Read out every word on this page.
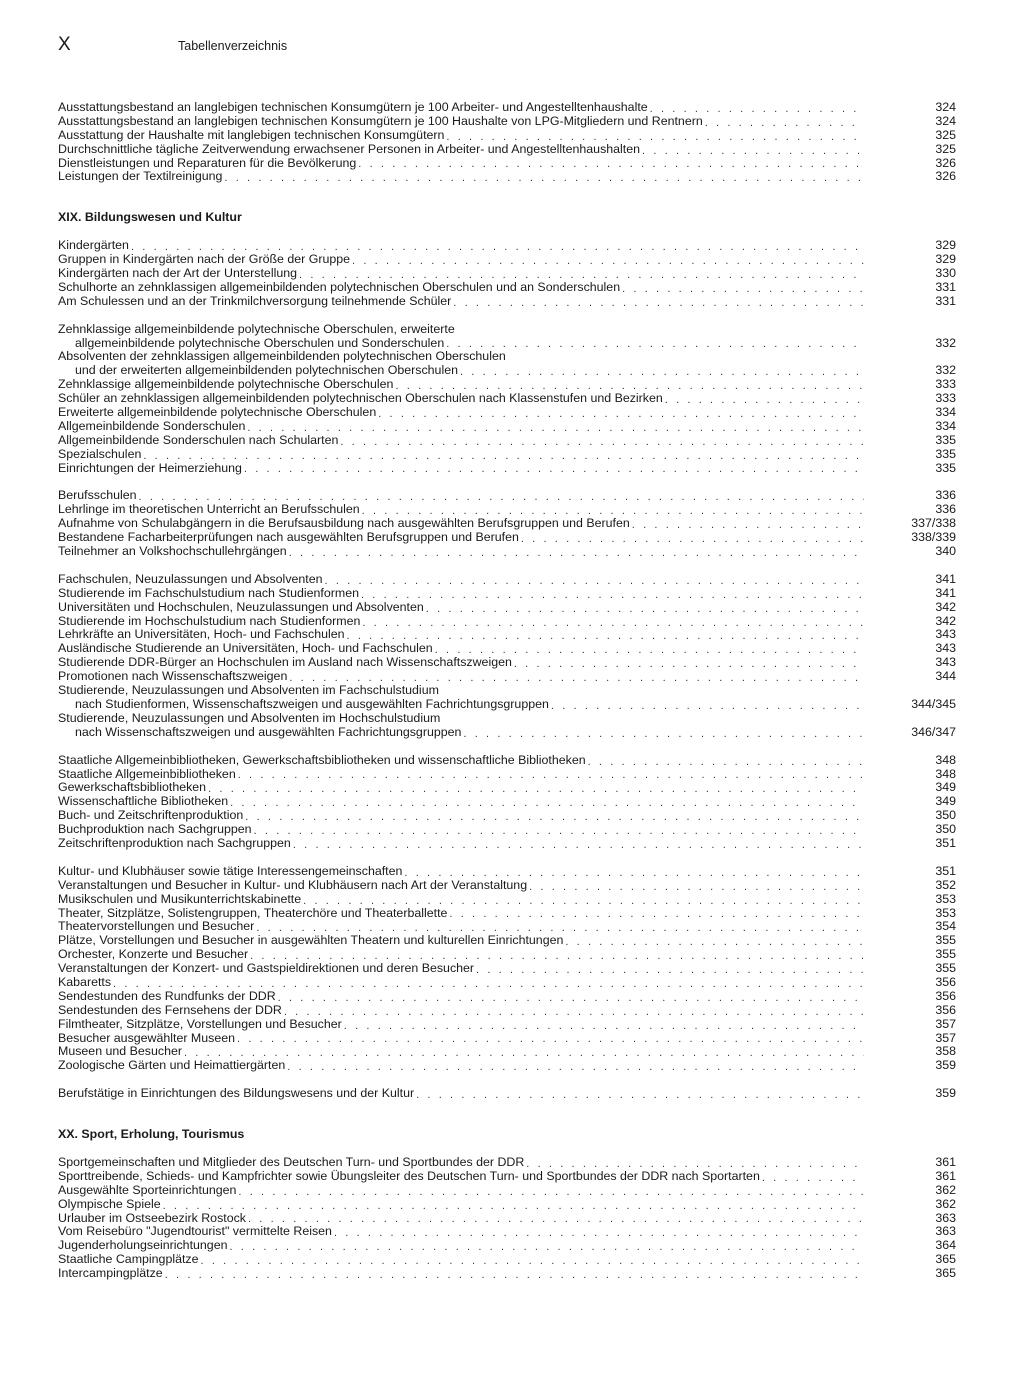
X	Tabellenverzeichnis
Ausstattungsbestand an langlebigen technischen Konsumgütern je 100 Arbeiter- und Angestelltenhaushalte . . .	324
Ausstattungsbestand an langlebigen technischen Konsumgütern je 100 Haushalte von LPG-Mitgliedern und Rentnern . . .	324
Ausstattung der Haushalte mit langlebigen technischen Konsumgütern . . .	325
Durchschnittliche tägliche Zeitverwendung erwachsener Personen in Arbeiter- und Angestelltenhaushalten . . .	325
Dienstleistungen und Reparaturen für die Bevölkerung . . .	326
Leistungen der Textilreinigung . . .	326
XIX. Bildungswesen und Kultur
Kindergärten . . .	329
Gruppen in Kindergärten nach der Größe der Gruppe . . .	329
Kindergärten nach der Art der Unterstellung . . .	330
Schulhorte an zehnklassigen allgemeinbildenden polytechnischen Oberschulen und an Sonderschulen . . .	331
Am Schulessen und an der Trinkmilchversorgung teilnehmende Schüler . . .	331
Zehnklassige allgemeinbildende polytechnische Oberschulen, erweiterte
allgemeinbildende polytechnische Oberschulen und Sonderschulen . . .	332
Absolventen der zehnklassigen allgemeinbildenden polytechnischen Oberschulen
und der erweiterten allgemeinbildenden polytechnischen Oberschulen . . .	332
Zehnklassige allgemeinbildende polytechnische Oberschulen . . .	333
Schüler an zehnklassigen allgemeinbildenden polytechnischen Oberschulen nach Klassenstufen und Bezirken . . .	333
Erweiterte allgemeinbildende polytechnische Oberschulen . . .	334
Allgemeinbildende Sonderschulen . . .	334
Allgemeinbildende Sonderschulen nach Schularten . . .	335
Spezialschulen . . .	335
Einrichtungen der Heimerziehung . . .	335
Berufsschulen . . .	336
Lehrlinge im theoretischen Unterricht an Berufsschulen . . .	336
Aufnahme von Schulabgängern in die Berufsausbildung nach ausgewählten Berufsgruppen und Berufen . . .	337/338
Bestandene Facharbeiterprüfungen nach ausgewählten Berufsgruppen und Berufen . . .	338/339
Teilnehmer an Volkshochschullehrgängen . . .	340
Fachschulen, Neuzulassungen und Absolventen . . .	341
Studierende im Fachschulstudium nach Studienformen . . .	341
Universitäten und Hochschulen, Neuzulassungen und Absolventen . . .	342
Studierende im Hochschulstudium nach Studienformen . . .	342
Lehrkräfte an Universitäten, Hoch- und Fachschulen . . .	343
Ausländische Studierende an Universitäten, Hoch- und Fachschulen . . .	343
Studierende DDR-Bürger an Hochschulen im Ausland nach Wissenschaftszweigen . . .	343
Promotionen nach Wissenschaftszweigen . . .	344
Studierende, Neuzulassungen und Absolventen im Fachschulstudium
nach Studienformen, Wissenschaftszweigen und ausgewählten Fachrichtungsgruppen . . .	344/345
Studierende, Neuzulassungen und Absolventen im Hochschulstudium
nach Wissenschaftszweigen und ausgewählten Fachrichtungsgruppen . . .	346/347
Staatliche Allgemeinbibliotheken, Gewerkschaftsbibliotheken und wissenschaftliche Bibliotheken . . .	348
Staatliche Allgemeinbibliotheken . . .	348
Gewerkschaftsbibliotheken . . .	349
Wissenschaftliche Bibliotheken . . .	349
Buch- und Zeitschriftenproduktion . . .	350
Buchproduktion nach Sachgruppen . . .	350
Zeitschriftenproduktion nach Sachgruppen . . .	351
Kultur- und Klubhäuser sowie tätige Interessengemeinschaften . . .	351
Veranstaltungen und Besucher in Kultur- und Klubhäusern nach Art der Veranstaltung . . .	352
Musikschulen und Musikunterrichtskabinette . . .	353
Theater, Sitzplätze, Solistengruppen, Theaterchöre und Theaterballette . . .	353
Theatervorstellungen und Besucher . . .	354
Plätze, Vorstellungen und Besucher in ausgewählten Theatern und kulturellen Einrichtungen . . .	355
Orchester, Konzerte und Besucher . . .	355
Veranstaltungen der Konzert- und Gastspieldirektionen und deren Besucher . . .	355
Kabaretts . . .	356
Sendestunden des Rundfunks der DDR . . .	356
Sendestunden des Fernsehens der DDR . . .	356
Filmtheater, Sitzplätze, Vorstellungen und Besucher . . .	357
Besucher ausgewählter Museen . . .	357
Museen und Besucher . . .	358
Zoologische Gärten und Heimattiergärten . . .	359
Berufstätige in Einrichtungen des Bildungswesens und der Kultur . . .	359
XX. Sport, Erholung, Tourismus
Sportgemeinschaften und Mitglieder des Deutschen Turn- und Sportbundes der DDR . . .	361
Sporttreibende, Schieds- und Kampfrichter sowie Übungsleiter des Deutschen Turn- und Sportbundes der DDR nach Sportarten . . .	361
Ausgewählte Sporteinrichtungen . . .	362
Olympische Spiele . . .	362
Urlauber im Ostseebezirk Rostock . . .	363
Vom Reisebüro "Jugendtourist" vermittelte Reisen . . .	363
Jugenderholungseinrichtungen . . .	364
Staatliche Campingplätze . . .	365
Intercampingplätze . . .	365
